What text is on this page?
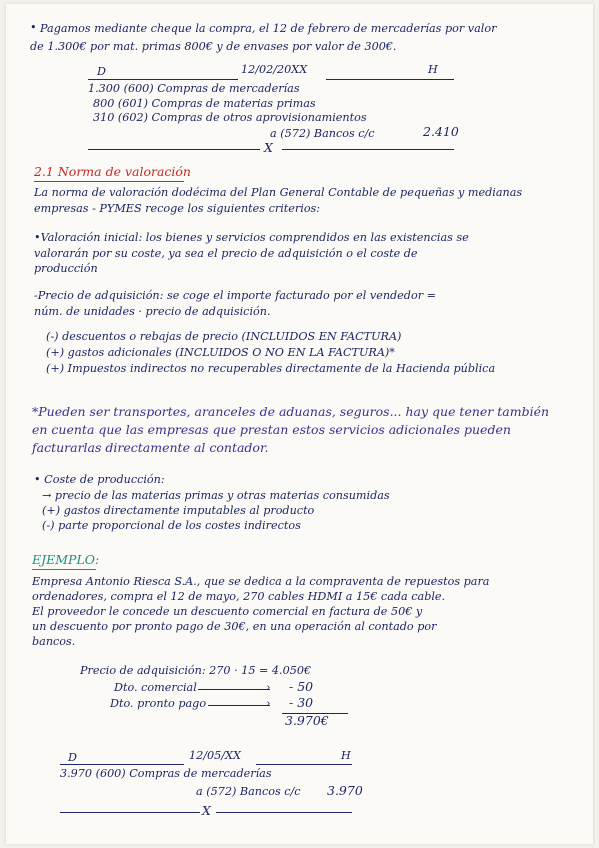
• Pagamos mediante cheque la compra, el 12 de febrero de mercaderías por valor
de 1.300€ por mat. primas 800€ y de envases por valor de 300€.
D	12/02/20XX	H
1.300 (600) Compras de mercaderías
800 (601) Compras de materias primas
310 (602) Compras de otros aprovisionamientos
a (572) Bancos c/c	2.410
X
2.1 Norma de valoración
La norma de valoración dodécima del Plan General Contable de pequeñas y medianas
empresas - PYMES recoge los siguientes criterios:
•Valoración inicial: los bienes y servicios comprendidos en las existencias se
valorarán por su coste, ya sea el precio de adquisición o el coste de
producción
-Precio de adquisición: se coge el importe facturado por el vendedor =
núm. de unidades · precio de adquisición.
(-) descuentos o rebajas de precio (INCLUIDOS EN FACTURA)
(+) gastos adicionales (INCLUIDOS O NO EN LA FACTURA)*
(+) Impuestos indirectos no recuperables directamente de la Hacienda pública
*Pueden ser transportes, aranceles de aduanas, seguros... hay que tener también
en cuenta que las empresas que prestan estos servicios adicionales pueden
facturarlas directamente al contador.
• Coste de producción:
→ precio de las materias primas y otras materias consumidas
(+) gastos directamente imputables al producto
(-) parte proporcional de los costes indirectos
EJEMPLO:
Empresa Antonio Riesca S.A., que se dedica a la compraventa de repuestos para
ordenadores, compra el 12 de mayo, 270 cables HDMI a 15€ cada cable.
El proveedor le concede un descuento comercial en factura de 50€ y
un descuento por pronto pago de 30€, en una operación al contado por
bancos.
Precio de adquisición: 270 · 15 = 4.050€
Dto. comercial	› - 50
Dto. pronto pago	› - 30
3.970€
D	12/05/XX	H
3.970 (600) Compras de mercaderías
a (572) Bancos c/c 3.970
X
